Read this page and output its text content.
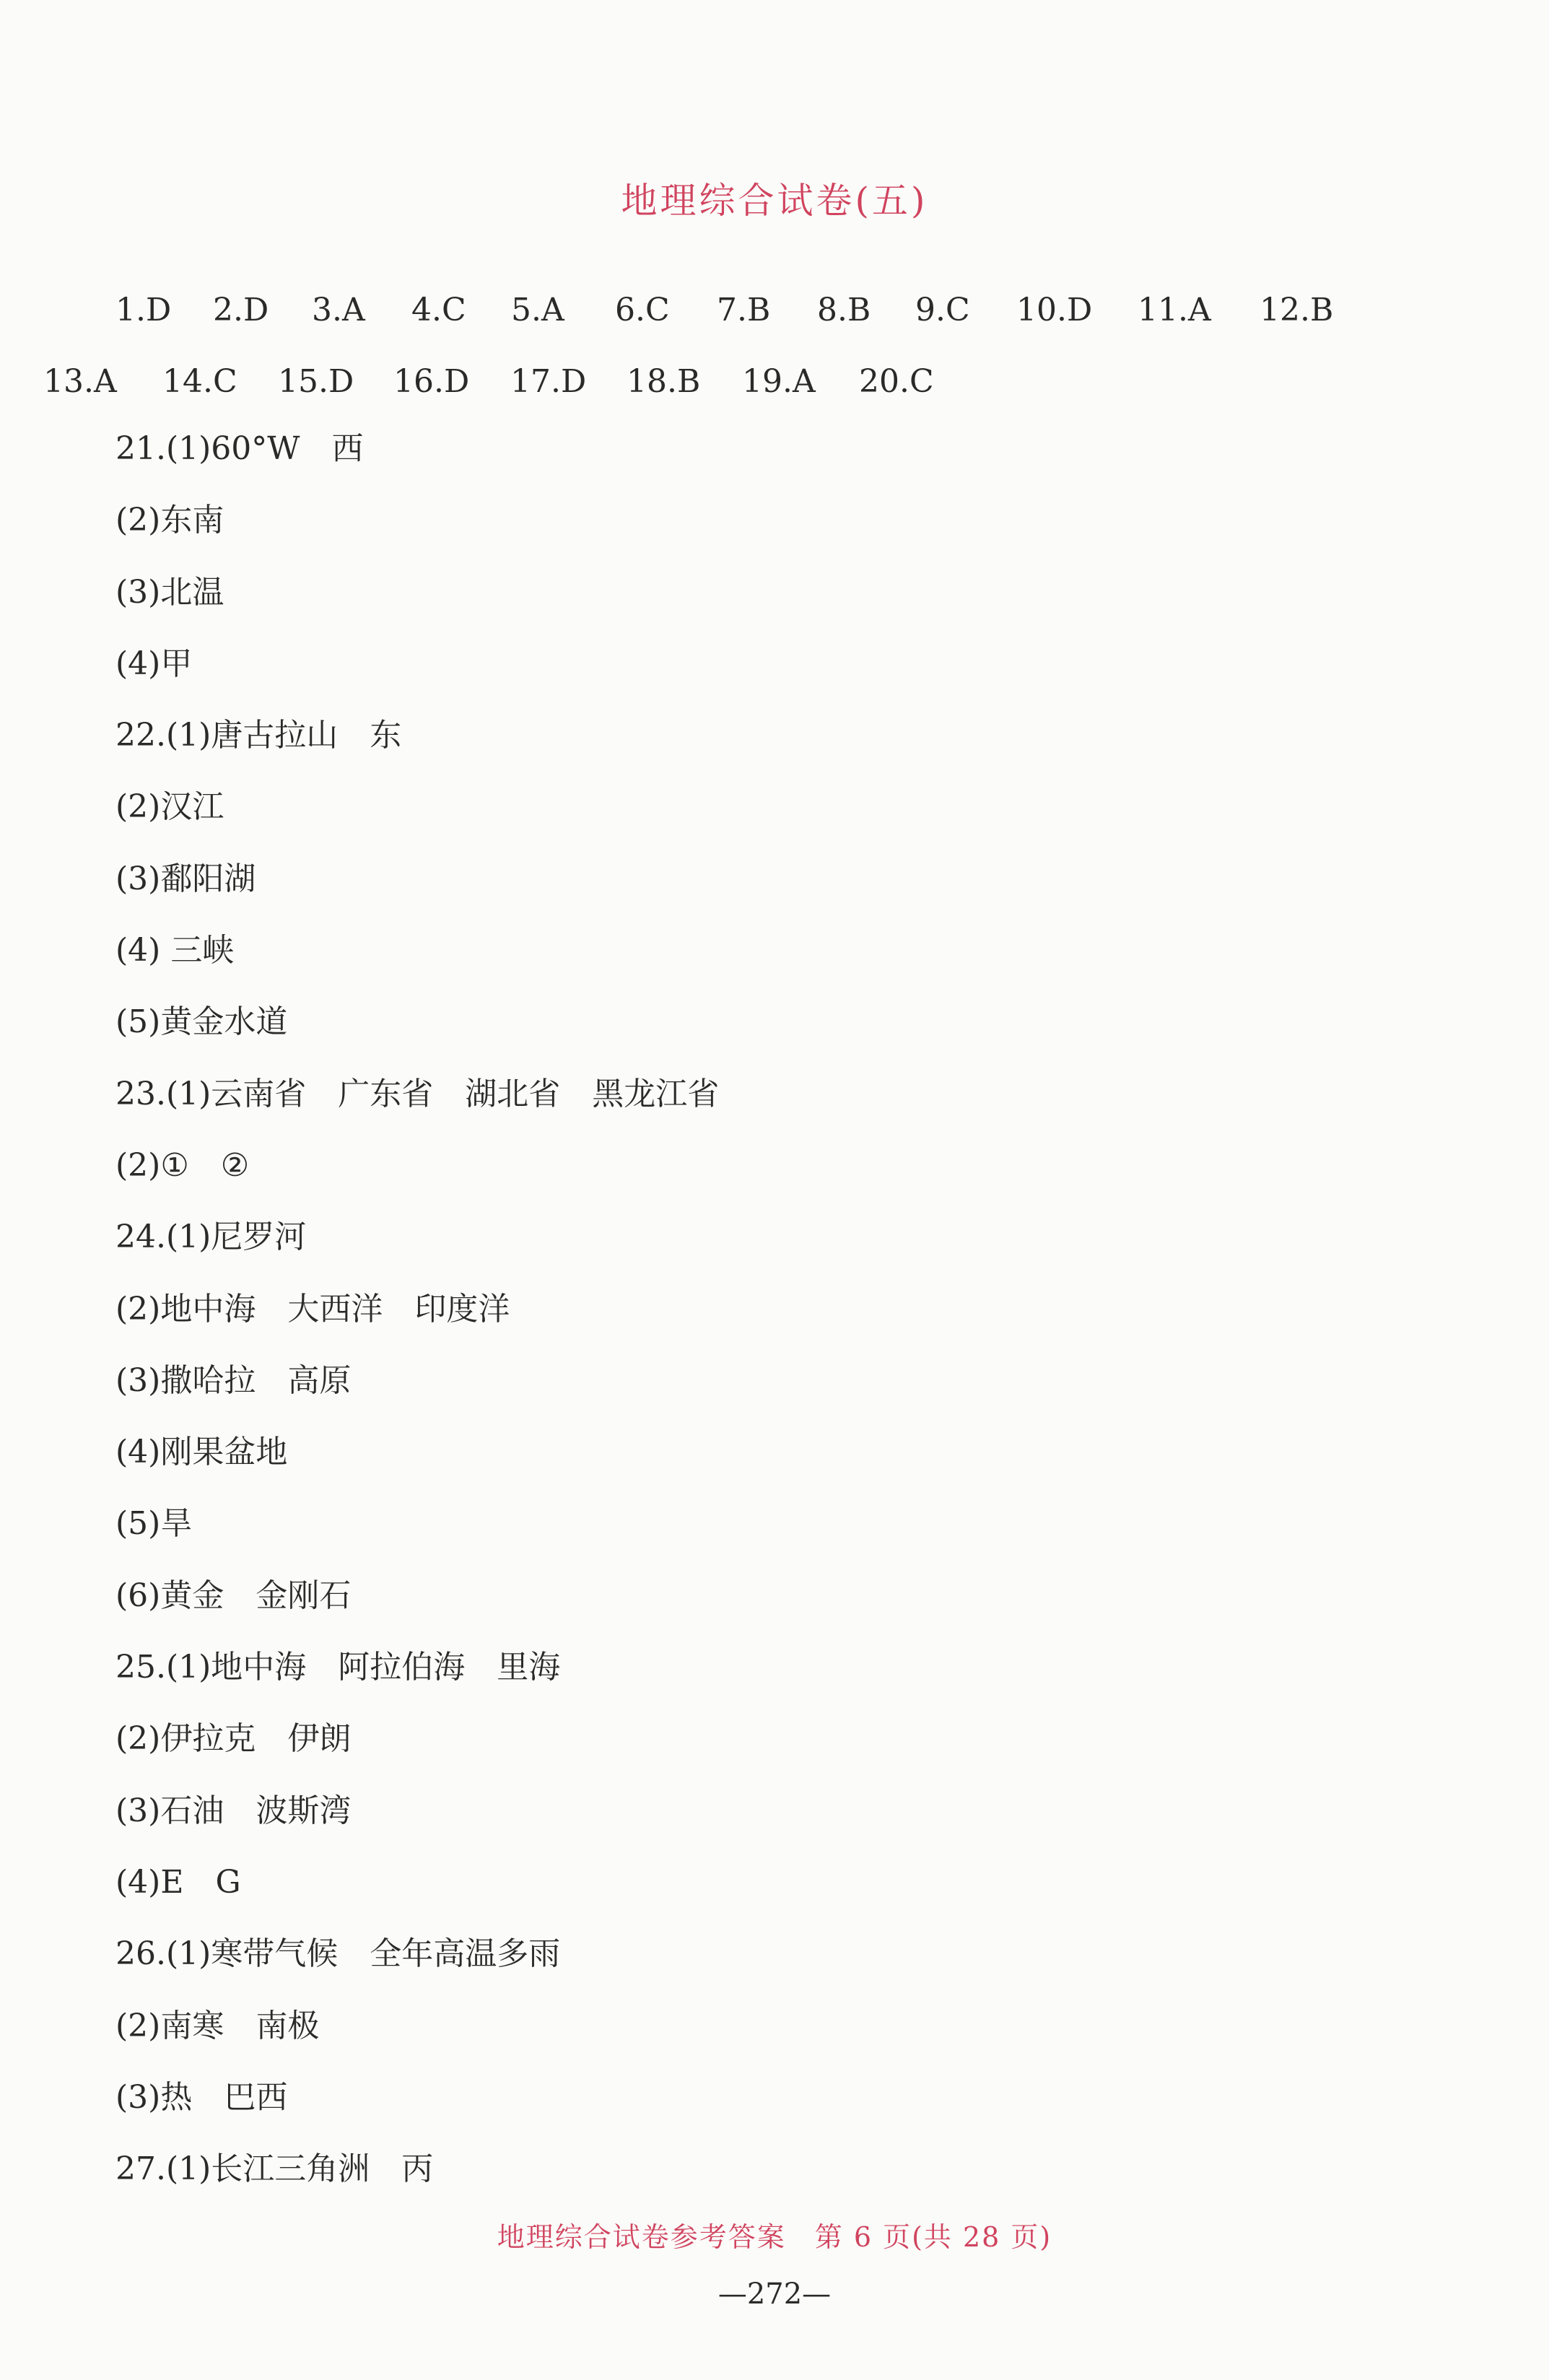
地理综合试卷(五)
1.D 2.D 3.A 4.C 5.A 6.C 7.B 8.B 9.C 10.D 11.A 12.B
13.A 14.C 15.D 16.D 17.D 18.B 19.A 20.C
21.(1)60°W　西
(2)东南
(3)北温
(4)甲
22.(1)唐古拉山　东
(2)汉江
(3)鄱阳湖
(4) 三峡
(5)黄金水道
23.(1)云南省　广东省　湖北省　黑龙江省
(2)①　②
24.(1)尼罗河
(2)地中海　大西洋　印度洋
(3)撒哈拉　高原
(4)刚果盆地
(5)旱
(6)黄金　金刚石
25.(1)地中海　阿拉伯海　里海
(2)伊拉克　伊朗
(3)石油　波斯湾
(4)E　G
26.(1)寒带气候　全年高温多雨
(2)南寒　南极
(3)热　巴西
27.(1)长江三角洲　丙
地理综合试卷参考答案　第 6 页(共 28 页)
—272—
